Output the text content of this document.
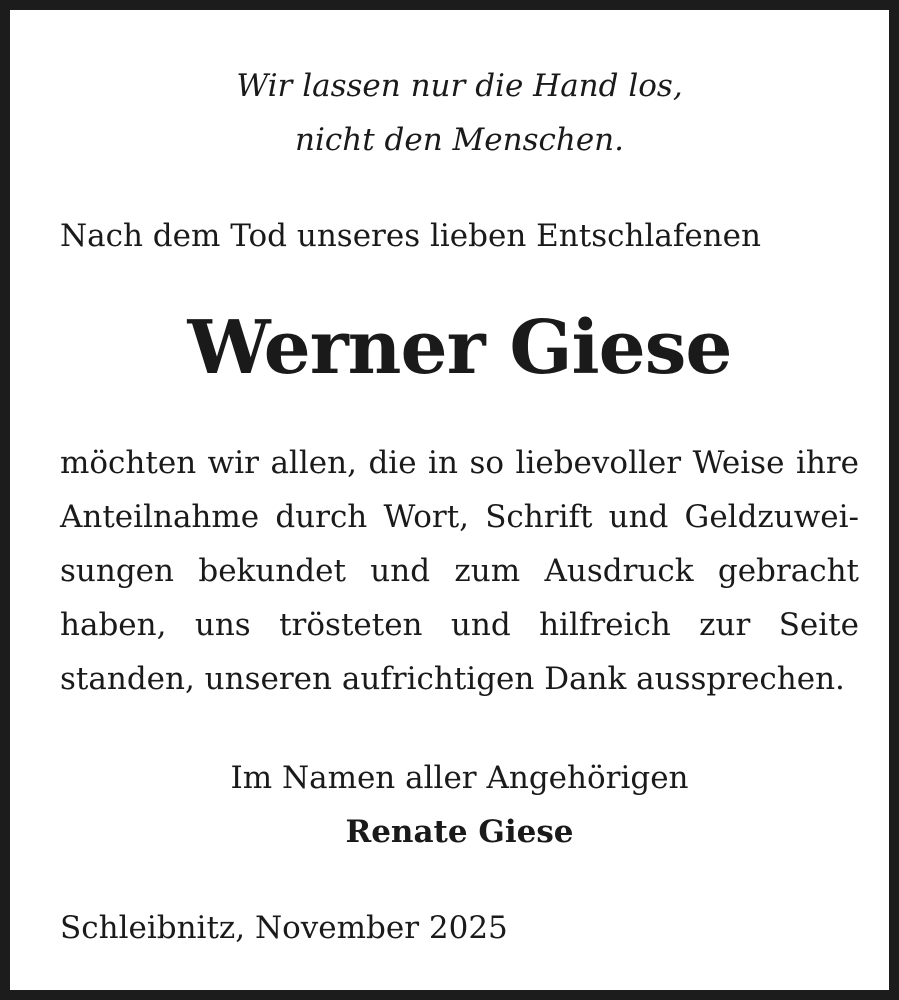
Wir lassen nur die Hand los,
nicht den Menschen.
Nach dem Tod unseres lieben Entschlafenen
Werner Giese
möchten wir allen, die in so liebevoller Weise ihre
Anteilnahme durch Wort, Schrift und Geldzuwei-
sungen bekundet und zum Ausdruck gebracht
haben, uns trösteten und hilfreich zur Seite
standen, unseren aufrichtigen Dank aussprechen.
Im Namen aller Angehörigen
Renate Giese
Schleibnitz, November 2025
